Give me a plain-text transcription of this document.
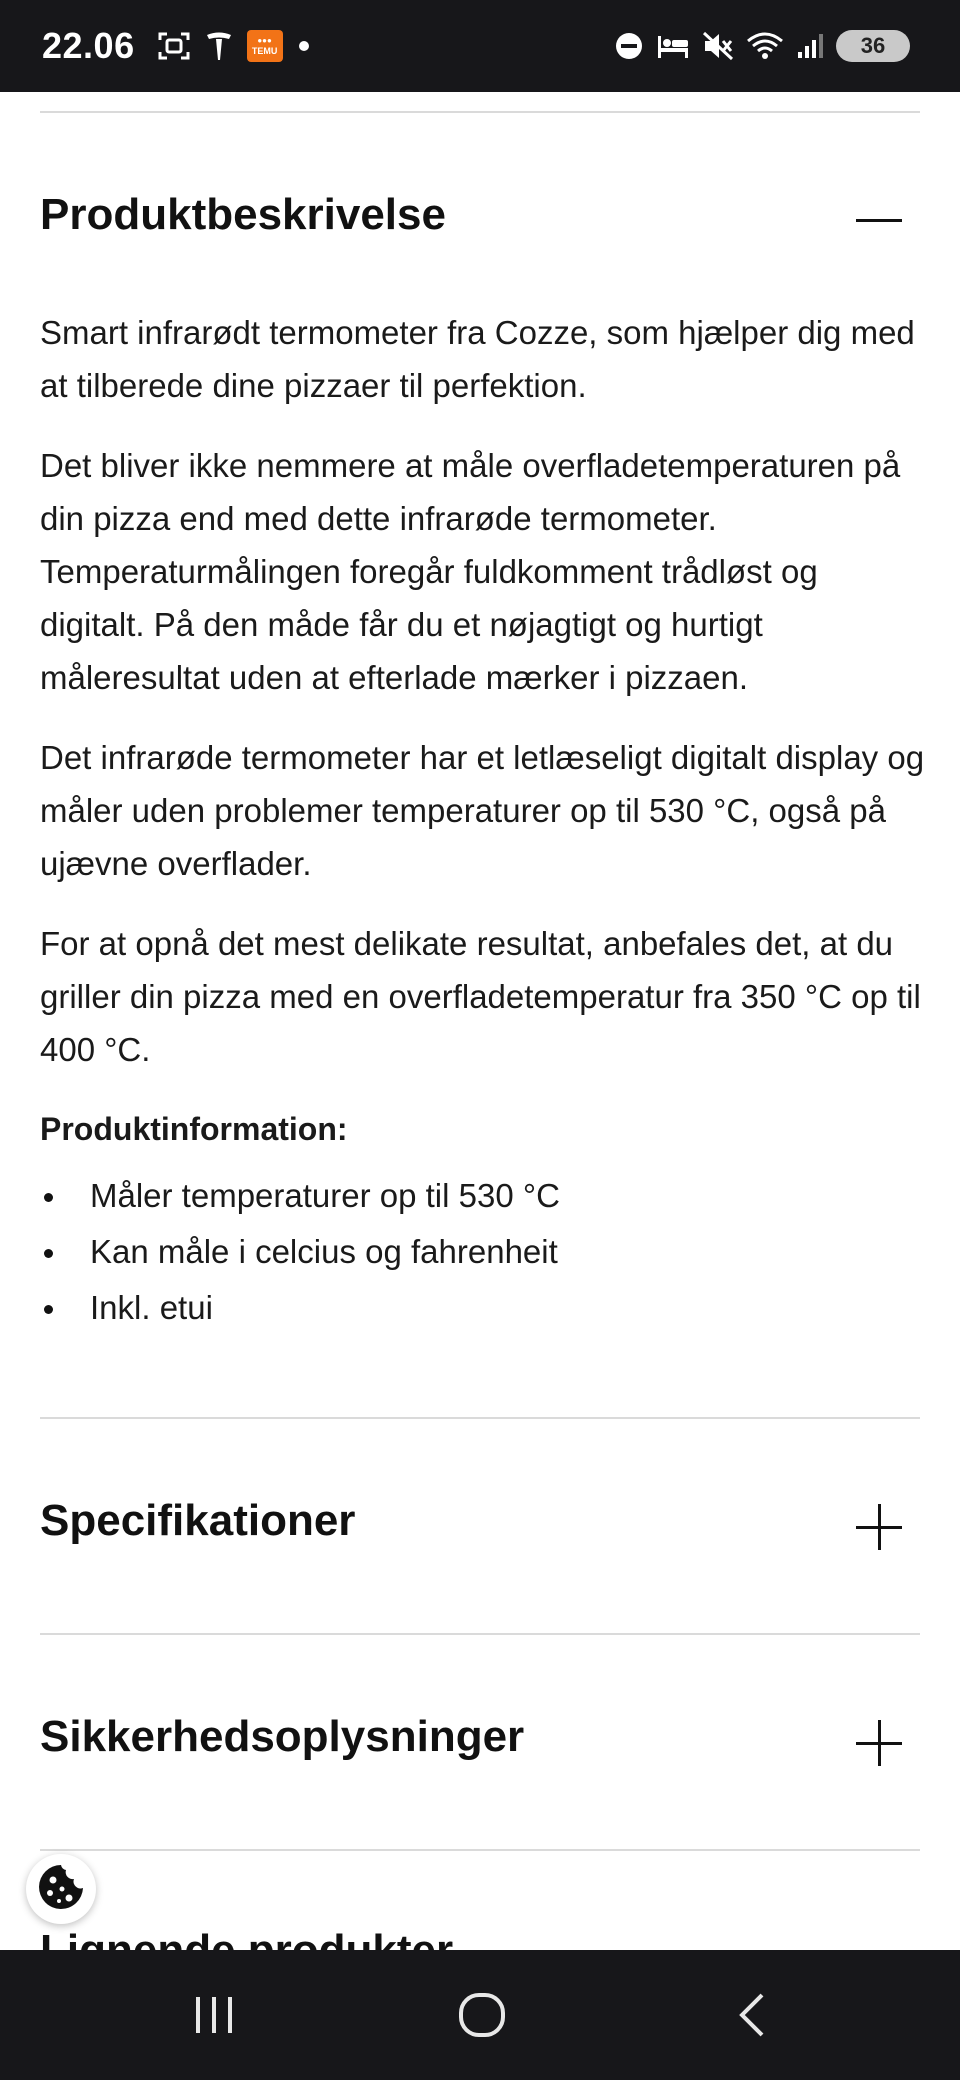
22.06	●●●
TEMU	36
Produktbeskrivelse

Smart infrarødt termometer fra Cozze, som hjælper dig med at tilberede dine pizzaer til perfektion.

Det bliver ikke nemmere at måle overfladetemperaturen på din pizza end med dette infrarøde termometer. Temperaturmålingen foregår fuldkomment trådløst og digitalt. På den måde får du et nøjagtigt og hurtigt måleresultat uden at efterlade mærker i pizzaen.

Det infrarøde termometer har et letlæseligt digitalt display og måler uden problemer temperaturer op til 530 °C, også på ujævne overflader.

For at opnå det mest delikate resultat, anbefales det, at du griller din pizza med en overfladetemperatur fra 350 °C op til 400 °C.

Produktinformation:
Måler temperaturer op til 530 °C
Kan måle i celcius og fahrenheit
Inkl. etui
Specifikationer
Sikkerhedsoplysninger
